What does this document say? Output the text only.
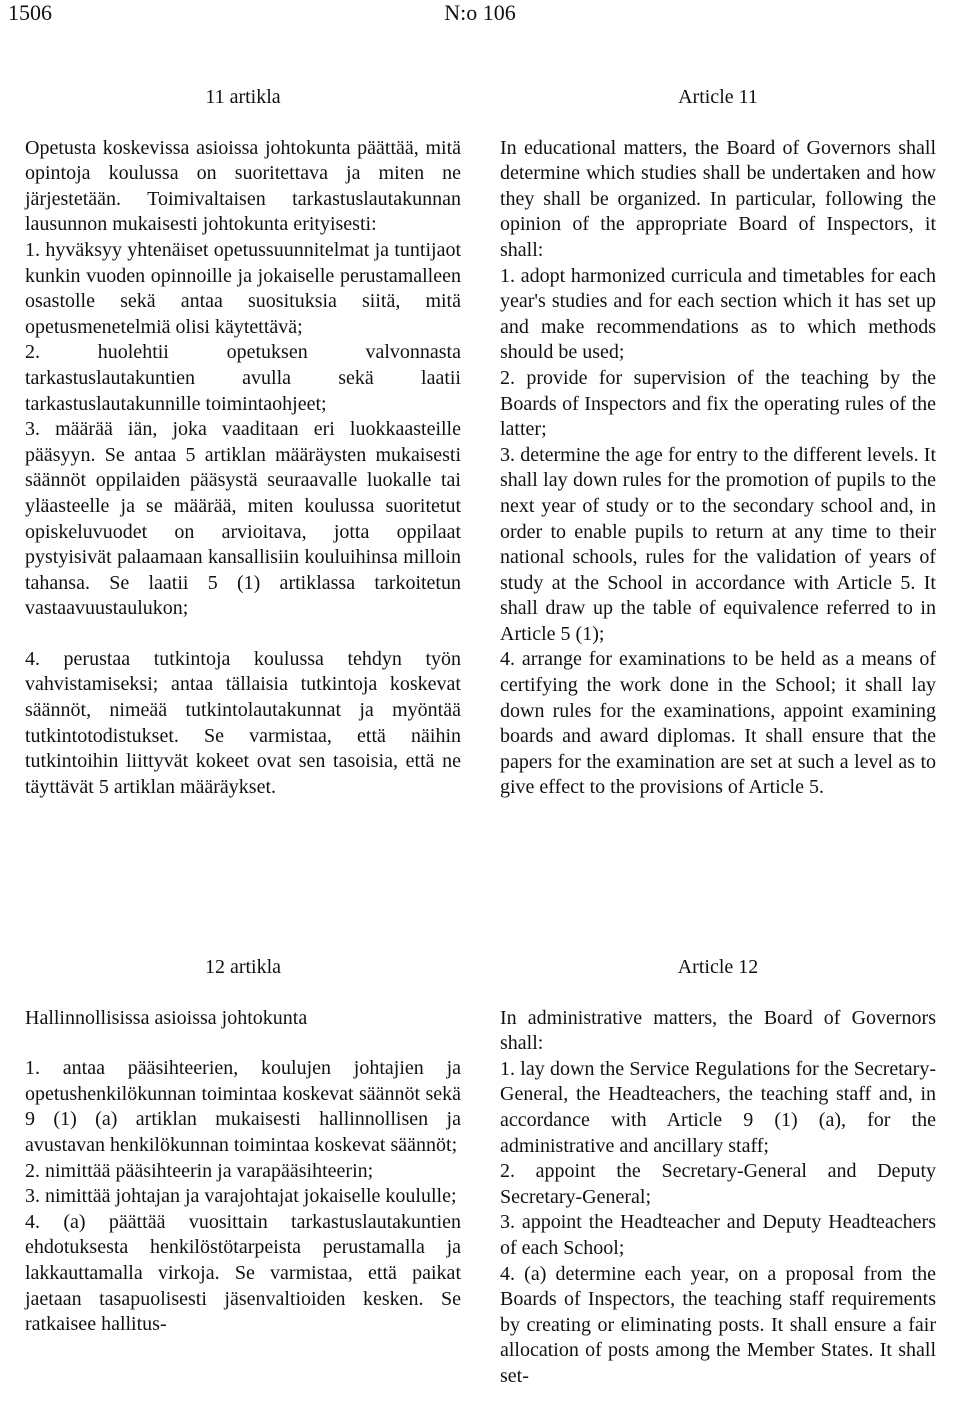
1506	N:o 106

11 artikla

Opetusta koskevissa asioissa johtokunta päättää, mitä opintoja koulussa on suoritettava ja miten ne järjestetään. Toimivaltaisen tarkastuslautakunnan lausunnon mukaisesti johtokunta erityisesti:

1. hyväksyy yhtenäiset opetussuunnitelmat ja tuntijaot kunkin vuoden opinnoille ja jokaiselle perustamalleen osastolle sekä antaa suosituksia siitä, mitä opetusmenetelmiä olisi käytettävä;

2. huolehtii opetuksen valvonnasta tarkastuslautakuntien avulla sekä laatii tarkastuslautakunnille toimintaohjeet;

3. määrää iän, joka vaaditaan eri luokkaasteille pääsyyn. Se antaa 5 artiklan määräysten mukaisesti säännöt oppilaiden pääsystä seuraavalle luokalle tai yläasteelle ja se määrää, miten koulussa suoritetut opiskeluvuodet on arvioitava, jotta oppilaat pystyisivät palaamaan kansallisiin kouluihinsa milloin tahansa. Se laatii 5 (1) artiklassa tarkoitetun vastaavuustaulukon;

4. perustaa tutkintoja koulussa tehdyn työn vahvistamiseksi; antaa tällaisia tutkintoja koskevat säännöt, nimeää tutkintolautakunnat ja myöntää tutkintotodistukset. Se varmistaa, että näihin tutkintoihin liittyvät kokeet ovat sen tasoisia, että ne täyttävät 5 artiklan määräykset.

12 artikla

Hallinnollisissa asioissa johtokunta

1. antaa pääsihteerien, koulujen johtajien ja opetushenkilökunnan toimintaa koskevat säännöt sekä 9 (1) (a) artiklan mukaisesti hallinnollisen ja avustavan henkilökunnan toimintaa koskevat säännöt;

2. nimittää pääsihteerin ja varapääsihteerin;

3. nimittää johtajan ja varajohtajat jokaiselle koululle;

4. (a) päättää vuosittain tarkastuslautakuntien ehdotuksesta henkilöstötarpeista perustamalla ja lakkauttamalla virkoja. Se varmistaa, että paikat jaetaan tasapuolisesti jäsenvaltioiden kesken. Se ratkaisee hallitus-

Article 11

In educational matters, the Board of Governors shall determine which studies shall be undertaken and how they shall be organized. In particular, following the opinion of the appropriate Board of Inspectors, it shall:

1. adopt harmonized curricula and timetables for each year's studies and for each section which it has set up and make recommendations as to which methods should be used;

2. provide for supervision of the teaching by the Boards of Inspectors and fix the operating rules of the latter;

3. determine the age for entry to the different levels. It shall lay down rules for the promotion of pupils to the next year of study or to the secondary school and, in order to enable pupils to return at any time to their national schools, rules for the validation of years of study at the School in accordance with Article 5. It shall draw up the table of equivalence referred to in Article 5 (1);

4. arrange for examinations to be held as a means of certifying the work done in the School; it shall lay down rules for the examinations, appoint examining boards and award diplomas. It shall ensure that the papers for the examination are set at such a level as to give effect to the provisions of Article 5.

Article 12

In administrative matters, the Board of Governors shall:

1. lay down the Service Regulations for the Secretary-General, the Headteachers, the teaching staff and, in accordance with Article 9 (1) (a), for the administrative and ancillary staff;

2. appoint the Secretary-General and Deputy Secretary-General;

3. appoint the Headteacher and Deputy Headteachers of each School;

4. (a) determine each year, on a proposal from the Boards of Inspectors, the teaching staff requirements by creating or eliminating posts. It shall ensure a fair allocation of posts among the Member States. It shall set-
